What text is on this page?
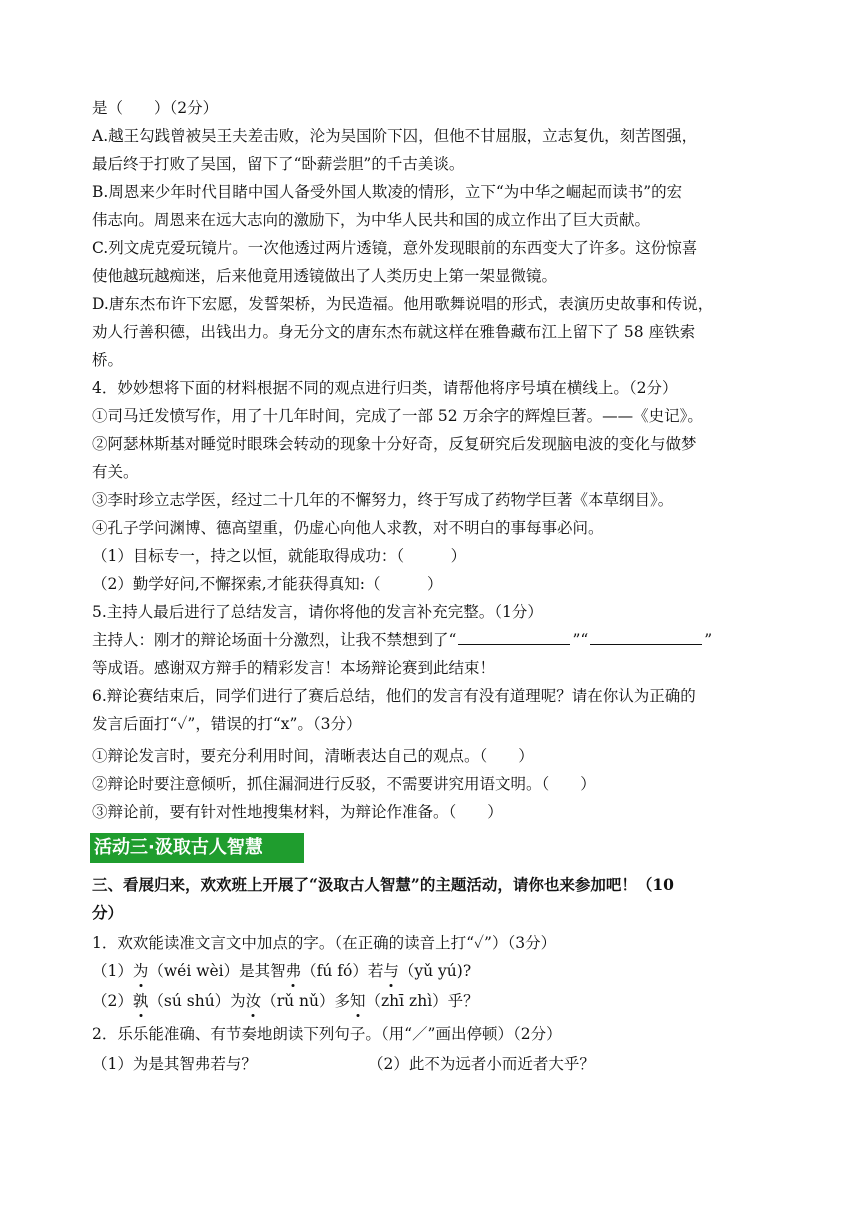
是（　　）（2分）
A.越王勾践曾被吴王夫差击败，沦为吴国阶下囚，但他不甘屈服，立志复仇，刻苦图强，
最后终于打败了吴国，留下了“卧薪尝胆”的千古美谈。
B.周恩来少年时代目睹中国人备受外国人欺凌的情形，立下“为中华之崛起而读书”的宏
伟志向。周恩来在远大志向的激励下，为中华人民共和国的成立作出了巨大贡献。
C.列文虎克爱玩镜片。一次他透过两片透镜，意外发现眼前的东西变大了许多。这份惊喜
使他越玩越痴迷，后来他竟用透镜做出了人类历史上第一架显微镜。
D.唐东杰布许下宏愿，发誓架桥，为民造福。他用歌舞说唱的形式，表演历史故事和传说，
劝人行善积德，出钱出力。身无分文的唐东杰布就这样在雅鲁藏布江上留下了 58 座铁索
桥。
4．妙妙想将下面的材料根据不同的观点进行归类，请帮他将序号填在横线上。（2分）
①司马迁发愤写作，用了十几年时间，完成了一部 52 万余字的辉煌巨著。——《史记》。
②阿瑟林斯基对睡觉时眼珠会转动的现象十分好奇，反复研究后发现脑电波的变化与做梦
有关。
③李时珍立志学医，经过二十几年的不懈努力，终于写成了药物学巨著《本草纲目》。
④孔子学问渊博、德高望重，仍虚心向他人求教，对不明白的事每事必问。
（1）目标专一，持之以恒，就能取得成功：（　　　）
（2）勤学好问,不懈探索,才能获得真知:（　　　）
5.主持人最后进行了总结发言，请你将他的发言补充完整。（1分）
主持人：刚才的辩论场面十分激烈，让我不禁想到了“	”“	”
等成语。感谢双方辩手的精彩发言！本场辩论赛到此结束！
6.辩论赛结束后，同学们进行了赛后总结，他们的发言有没有道理呢？请在你认为正确的
发言后面打“✓”，错误的打“x”。（3分）
①辩论发言时，要充分利用时间，清晰表达自己的观点。（　　）
②辩论时要注意倾听，抓住漏洞进行反驳，不需要讲究用语文明。（　　）
③辩论前，要有针对性地搜集材料，为辩论作准备。（　　）
活动三·汲取古人智慧
三、看展归来，欢欢班上开展了“汲取古人智慧”的主题活动，请你也来参加吧！（10
分）
1．欢欢能读准文言文中加点的字。（在正确的读音上打“✓”）（3分）
（1）为（wéi wèi）是其智弗（fú fó）若与（yǔ yú)?
（2）孰（sú shú）为汝（rǔ nǔ）多知（zhī zhì）乎？
2．乐乐能准确、有节奏地朗读下列句子。（用“／”画出停顿）（2分）
（1）为是其智弗若与？	（2）此不为远者小而近者大乎？
